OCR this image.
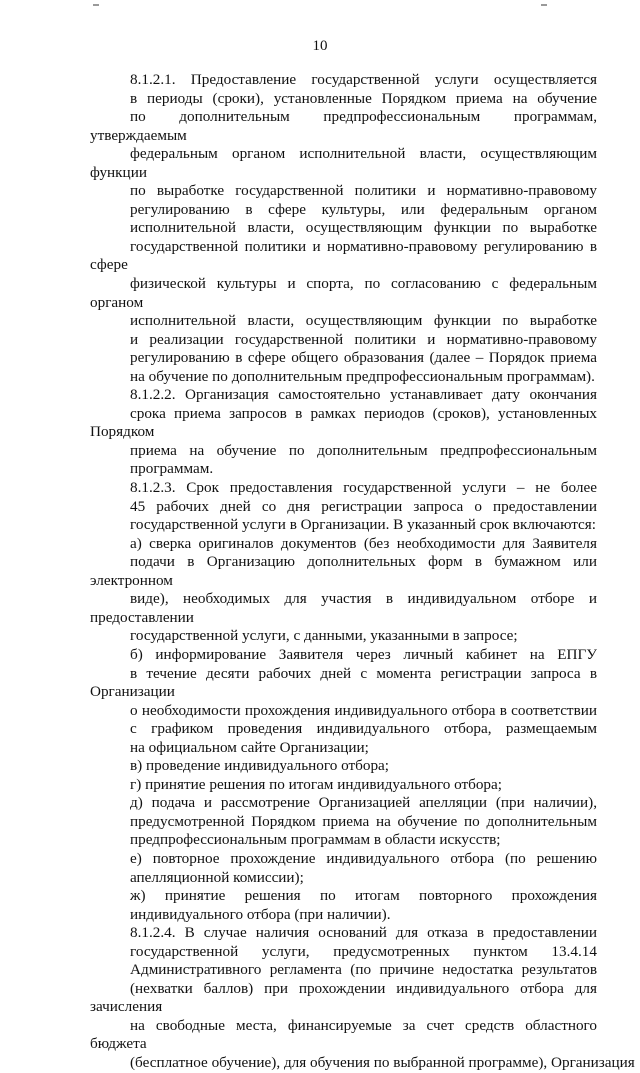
10

8.1.2.1. Предоставление государственной услуги осуществляется
в периоды (сроки), установленные Порядком приема на обучение
по дополнительным предпрофессиональным программам, утверждаемым
федеральным органом исполнительной власти, осуществляющим функции
по выработке государственной политики и нормативно-правовому
регулированию в сфере культуры, или федеральным органом
исполнительной власти, осуществляющим функции по выработке
государственной политики и нормативно-правовому регулированию в сфере
физической культуры и спорта, по согласованию с федеральным органом
исполнительной власти, осуществляющим функции по выработке
и реализации государственной политики и нормативно-правовому
регулированию в сфере общего образования (далее – Порядок приема
на обучение по дополнительным предпрофессиональным программам).

8.1.2.2. Организация самостоятельно устанавливает дату окончания
срока приема запросов в рамках периодов (сроков), установленных Порядком
приема на обучение по дополнительным предпрофессиональным
программам.

8.1.2.3. Срок предоставления государственной услуги – не более
45 рабочих дней со дня регистрации запроса о предоставлении
государственной услуги в Организации. В указанный срок включаются:

а) сверка оригиналов документов (без необходимости для Заявителя
подачи в Организацию дополнительных форм в бумажном или электронном
виде), необходимых для участия в индивидуальном отборе и предоставлении
государственной услуги, с данными, указанными в запросе;

б) информирование Заявителя через личный кабинет на ЕПГУ
в течение десяти рабочих дней с момента регистрации запроса в Организации
о необходимости прохождения индивидуального отбора в соответствии
с графиком проведения индивидуального отбора, размещаемым
на официальном сайте Организации;

в) проведение индивидуального отбора;

г) принятие решения по итогам индивидуального отбора;

д) подача и рассмотрение Организацией апелляции (при наличии),
предусмотренной Порядком приема на обучение по дополнительным
предпрофессиональным программам в области искусств;

е) повторное прохождение индивидуального отбора (по решению
апелляционной комиссии);

ж) принятие решения по итогам повторного прохождения
индивидуального отбора (при наличии).

8.1.2.4. В случае наличия оснований для отказа в предоставлении
государственной услуги, предусмотренных пунктом 13.4.14
Административного регламента (по причине недостатка результатов
(нехватки баллов) при прохождении индивидуального отбора для зачисления
на свободные места, финансируемые за счет средств областного бюджета
(бесплатное обучение), для обучения по выбранной программе), Организация
